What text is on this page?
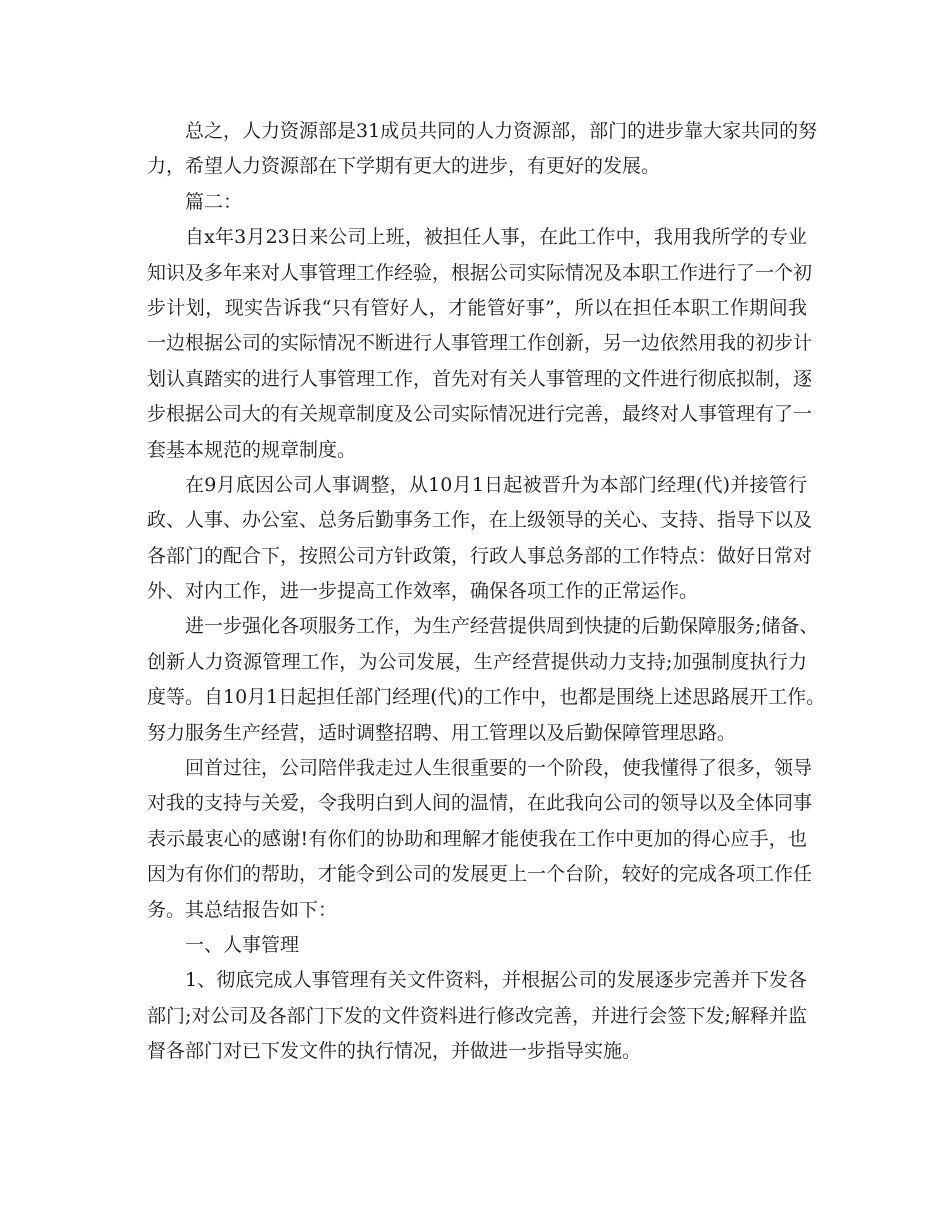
总之，人力资源部是31成员共同的人力资源部，部门的进步靠大家共同的努
力，希望人力资源部在下学期有更大的进步，有更好的发展。
篇二：
自x年3月23日来公司上班，被担任人事，在此工作中，我用我所学的专业
知识及多年来对人事管理工作经验，根据公司实际情况及本职工作进行了一个初
步计划，现实告诉我“只有管好人，才能管好事”，所以在担任本职工作期间我
一边根据公司的实际情况不断进行人事管理工作创新，另一边依然用我的初步计
划认真踏实的进行人事管理工作，首先对有关人事管理的文件进行彻底拟制，逐
步根据公司大的有关规章制度及公司实际情况进行完善，最终对人事管理有了一
套基本规范的规章制度。
在9月底因公司人事调整，从10月1日起被晋升为本部门经理(代)并接管行
政、人事、办公室、总务后勤事务工作，在上级领导的关心、支持、指导下以及
各部门的配合下，按照公司方针政策，行政人事总务部的工作特点：做好日常对
外、对内工作，进一步提高工作效率，确保各项工作的正常运作。
进一步强化各项服务工作，为生产经营提供周到快捷的后勤保障服务;储备、
创新人力资源管理工作，为公司发展，生产经营提供动力支持;加强制度执行力
度等。自10月1日起担任部门经理(代)的工作中，也都是围绕上述思路展开工作。
努力服务生产经营，适时调整招聘、用工管理以及后勤保障管理思路。
回首过往，公司陪伴我走过人生很重要的一个阶段，使我懂得了很多，领导
对我的支持与关爱，令我明白到人间的温情，在此我向公司的领导以及全体同事
表示最衷心的感谢!有你们的协助和理解才能使我在工作中更加的得心应手，也
因为有你们的帮助，才能令到公司的发展更上一个台阶，较好的完成各项工作任
务。其总结报告如下：
一、人事管理
1、彻底完成人事管理有关文件资料，并根据公司的发展逐步完善并下发各
部门;对公司及各部门下发的文件资料进行修改完善，并进行会签下发;解释并监
督各部门对已下发文件的执行情况，并做进一步指导实施。
